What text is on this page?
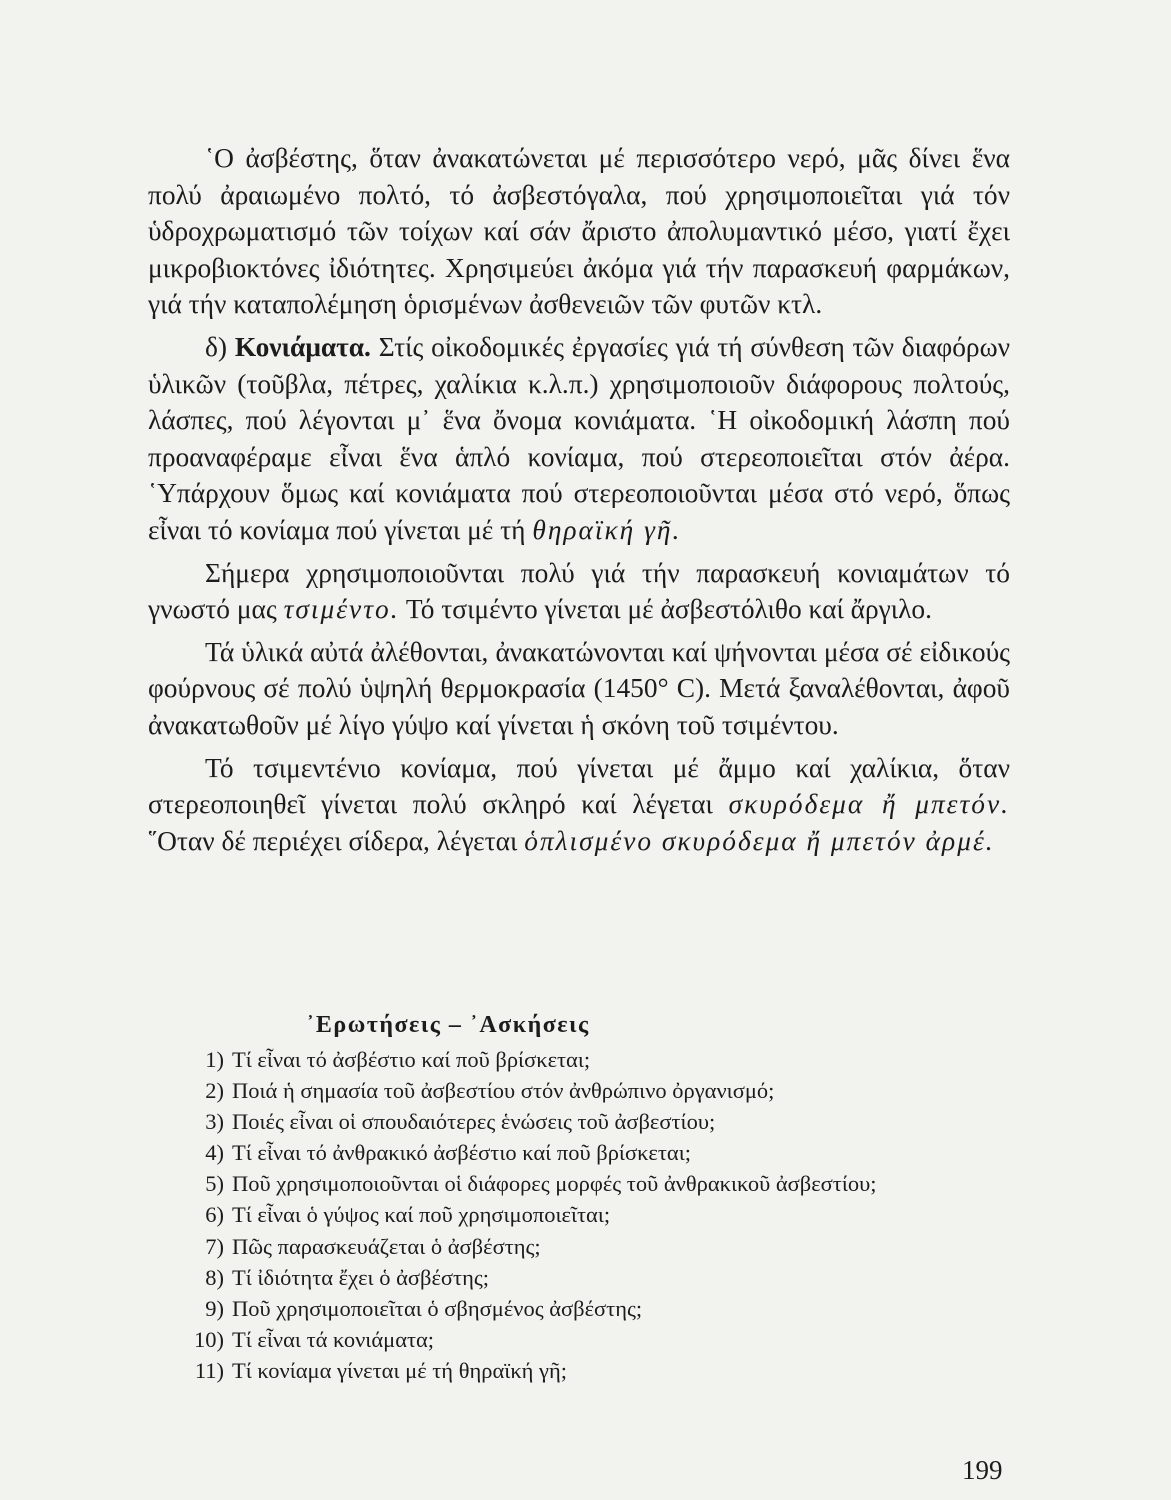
῾Ο ἀσβέστης, ὅταν ἀνακατώνεται μέ περισσότερο νερό, μᾶς δίνει ἕνα πολύ ἀραιωμένο πολτό, τό ἀσβεστόγαλα, πού χρησιμοποιεῖται γιά τόν ὑδροχρωματισμό τῶν τοίχων καί σάν ἄριστο ἀπολυμαντικό μέσο, γιατί ἔχει μικροβιοκτόνες ἰδιότητες. Χρησιμεύει ἀκόμα γιά τήν παρασκευή φαρμάκων, γιά τήν καταπολέμηση ὁρισμένων ἀσθενειῶν τῶν φυτῶν κτλ.

δ) Κονιάματα. Στίς οἰκοδομικές ἐργασίες γιά τή σύνθεση τῶν διαφόρων ὑλικῶν (τοῦβλα, πέτρες, χαλίκια κ.λ.π.) χρησιμοποιοῦν διάφορους πολτούς, λάσπες, πού λέγονται μ᾽ ἕνα ὄνομα κονιάματα. ῾Η οἰκοδομική λάσπη πού προαναφέραμε εἶναι ἕνα ἁπλό κονίαμα, πού στερεοποιεῖται στόν ἀέρα. ῾Υπάρχουν ὅμως καί κονιάματα πού στερεοποιοῦνται μέσα στό νερό, ὅπως εἶναι τό κονίαμα πού γίνεται μέ τή θηραϊκή γῆ.

Σήμερα χρησιμοποιοῦνται πολύ γιά τήν παρασκευή κονιαμάτων τό γνωστό μας τσιμέντο. Τό τσιμέντο γίνεται μέ ἀσβεστόλιθο καί ἄργιλο.

Τά ὑλικά αὐτά ἀλέθονται, ἀνακατώνονται καί ψήνονται μέσα σέ εἰδικούς φούρνους σέ πολύ ὑψηλή θερμοκρασία (1450° C). Μετά ξαναλέθονται, ἀφοῦ ἀνακατωθοῦν μέ λίγο γύψο καί γίνεται ἡ σκόνη τοῦ τσιμέντου.

Τό τσιμεντένιο κονίαμα, πού γίνεται μέ ἄμμο καί χαλίκια, ὅταν στερεοποιηθεῖ γίνεται πολύ σκληρό καί λέγεται σκυρόδεμα ἤ μπετόν. ῞Οταν δέ περιέχει σίδερα, λέγεται ὁπλισμένο σκυρόδεμα ἤ μπετόν ἀρμέ.

᾽Ερωτήσεις – ᾽Ασκήσεις
1) Τί εἶναι τό ἀσβέστιο καί ποῦ βρίσκεται;
2) Ποιά ἡ σημασία τοῦ ἀσβεστίου στόν ἀνθρώπινο ὀργανισμό;
3) Ποιές εἶναι οἱ σπουδαιότερες ἑνώσεις τοῦ ἀσβεστίου;
4) Τί εἶναι τό ἀνθρακικό ἀσβέστιο καί ποῦ βρίσκεται;
5) Ποῦ χρησιμοποιοῦνται οἱ διάφορες μορφές τοῦ ἀνθρακικοῦ ἀσβεστίου;
6) Τί εἶναι ὁ γύψος καί ποῦ χρησιμοποιεῖται;
7) Πῶς παρασκευάζεται ὁ ἀσβέστης;
8) Τί ἰδιότητα ἔχει ὁ ἀσβέστης;
9) Ποῦ χρησιμοποιεῖται ὁ σβησμένος ἀσβέστης;
10) Τί εἶναι τά κονιάματα;
11) Τί κονίαμα γίνεται μέ τή θηραϊκή γῆ;
199
